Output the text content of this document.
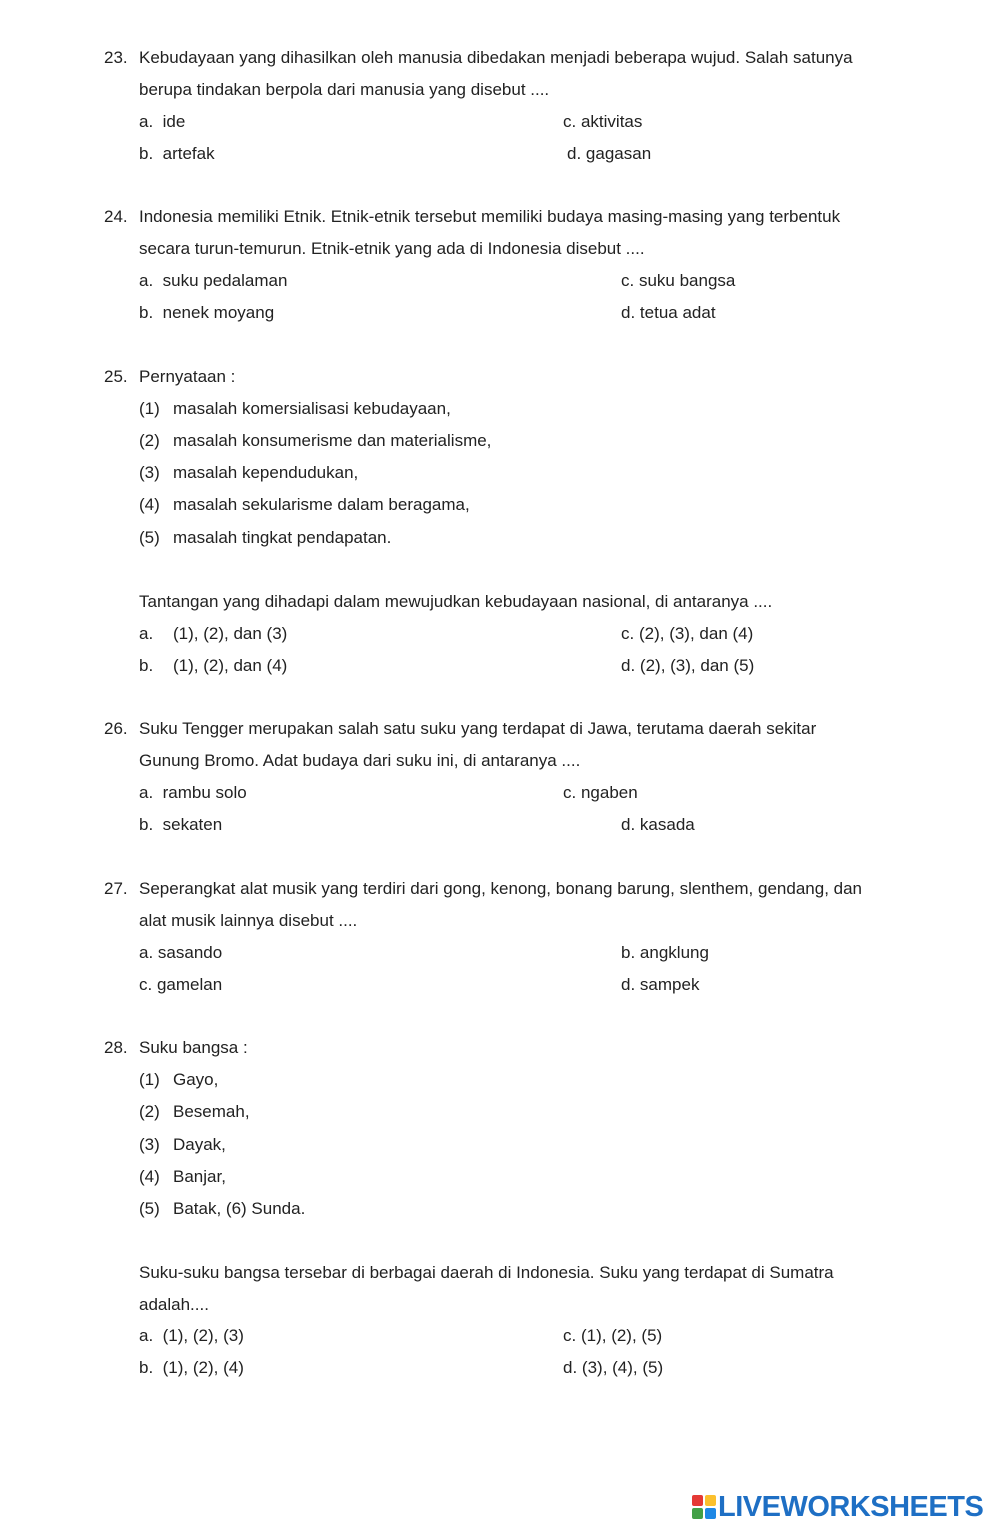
23. Kebudayaan yang dihasilkan oleh manusia dibedakan menjadi beberapa wujud. Salah satunya
berupa tindakan berpola dari manusia yang disebut ....
a. ide
b. artefak
c. aktivitas
d. gagasan
24. Indonesia memiliki Etnik. Etnik-etnik tersebut memiliki budaya masing-masing yang terbentuk
secara turun-temurun. Etnik-etnik yang ada di Indonesia disebut ....
a. suku pedalaman
b. nenek moyang
c. suku bangsa
d. tetua adat
25. Pernyataan :
(1) masalah komersialisasi kebudayaan,
(2) masalah konsumerisme dan materialisme,
(3) masalah kependudukan,
(4) masalah sekularisme dalam beragama,
(5) masalah tingkat pendapatan.
Tantangan yang dihadapi dalam mewujudkan kebudayaan nasional, di antaranya ....
a. (1), (2), dan (3)
b. (1), (2), dan (4)
c. (2), (3), dan (4)
d. (2), (3), dan (5)
26. Suku Tengger merupakan salah satu suku yang terdapat di Jawa, terutama daerah sekitar
Gunung Bromo. Adat budaya dari suku ini, di antaranya ....
a. rambu solo
b. sekaten
c. ngaben
d. kasada
27. Seperangkat alat musik yang terdiri dari gong, kenong, bonang barung, slenthem, gendang, dan
alat musik lainnya disebut ....
a. sasando	b. angklung
c. gamelan	d. sampek
28. Suku bangsa :
(1) Gayo,
(2) Besemah,
(3) Dayak,
(4) Banjar,
(5) Batak, (6) Sunda.
Suku-suku bangsa tersebar di berbagai daerah di Indonesia. Suku yang terdapat di Sumatra
adalah....
a. (1), (2), (3)
b. (1), (2), (4)
c. (1), (2), (5)
d. (3), (4), (5)
LIVEWORKSHEETS
